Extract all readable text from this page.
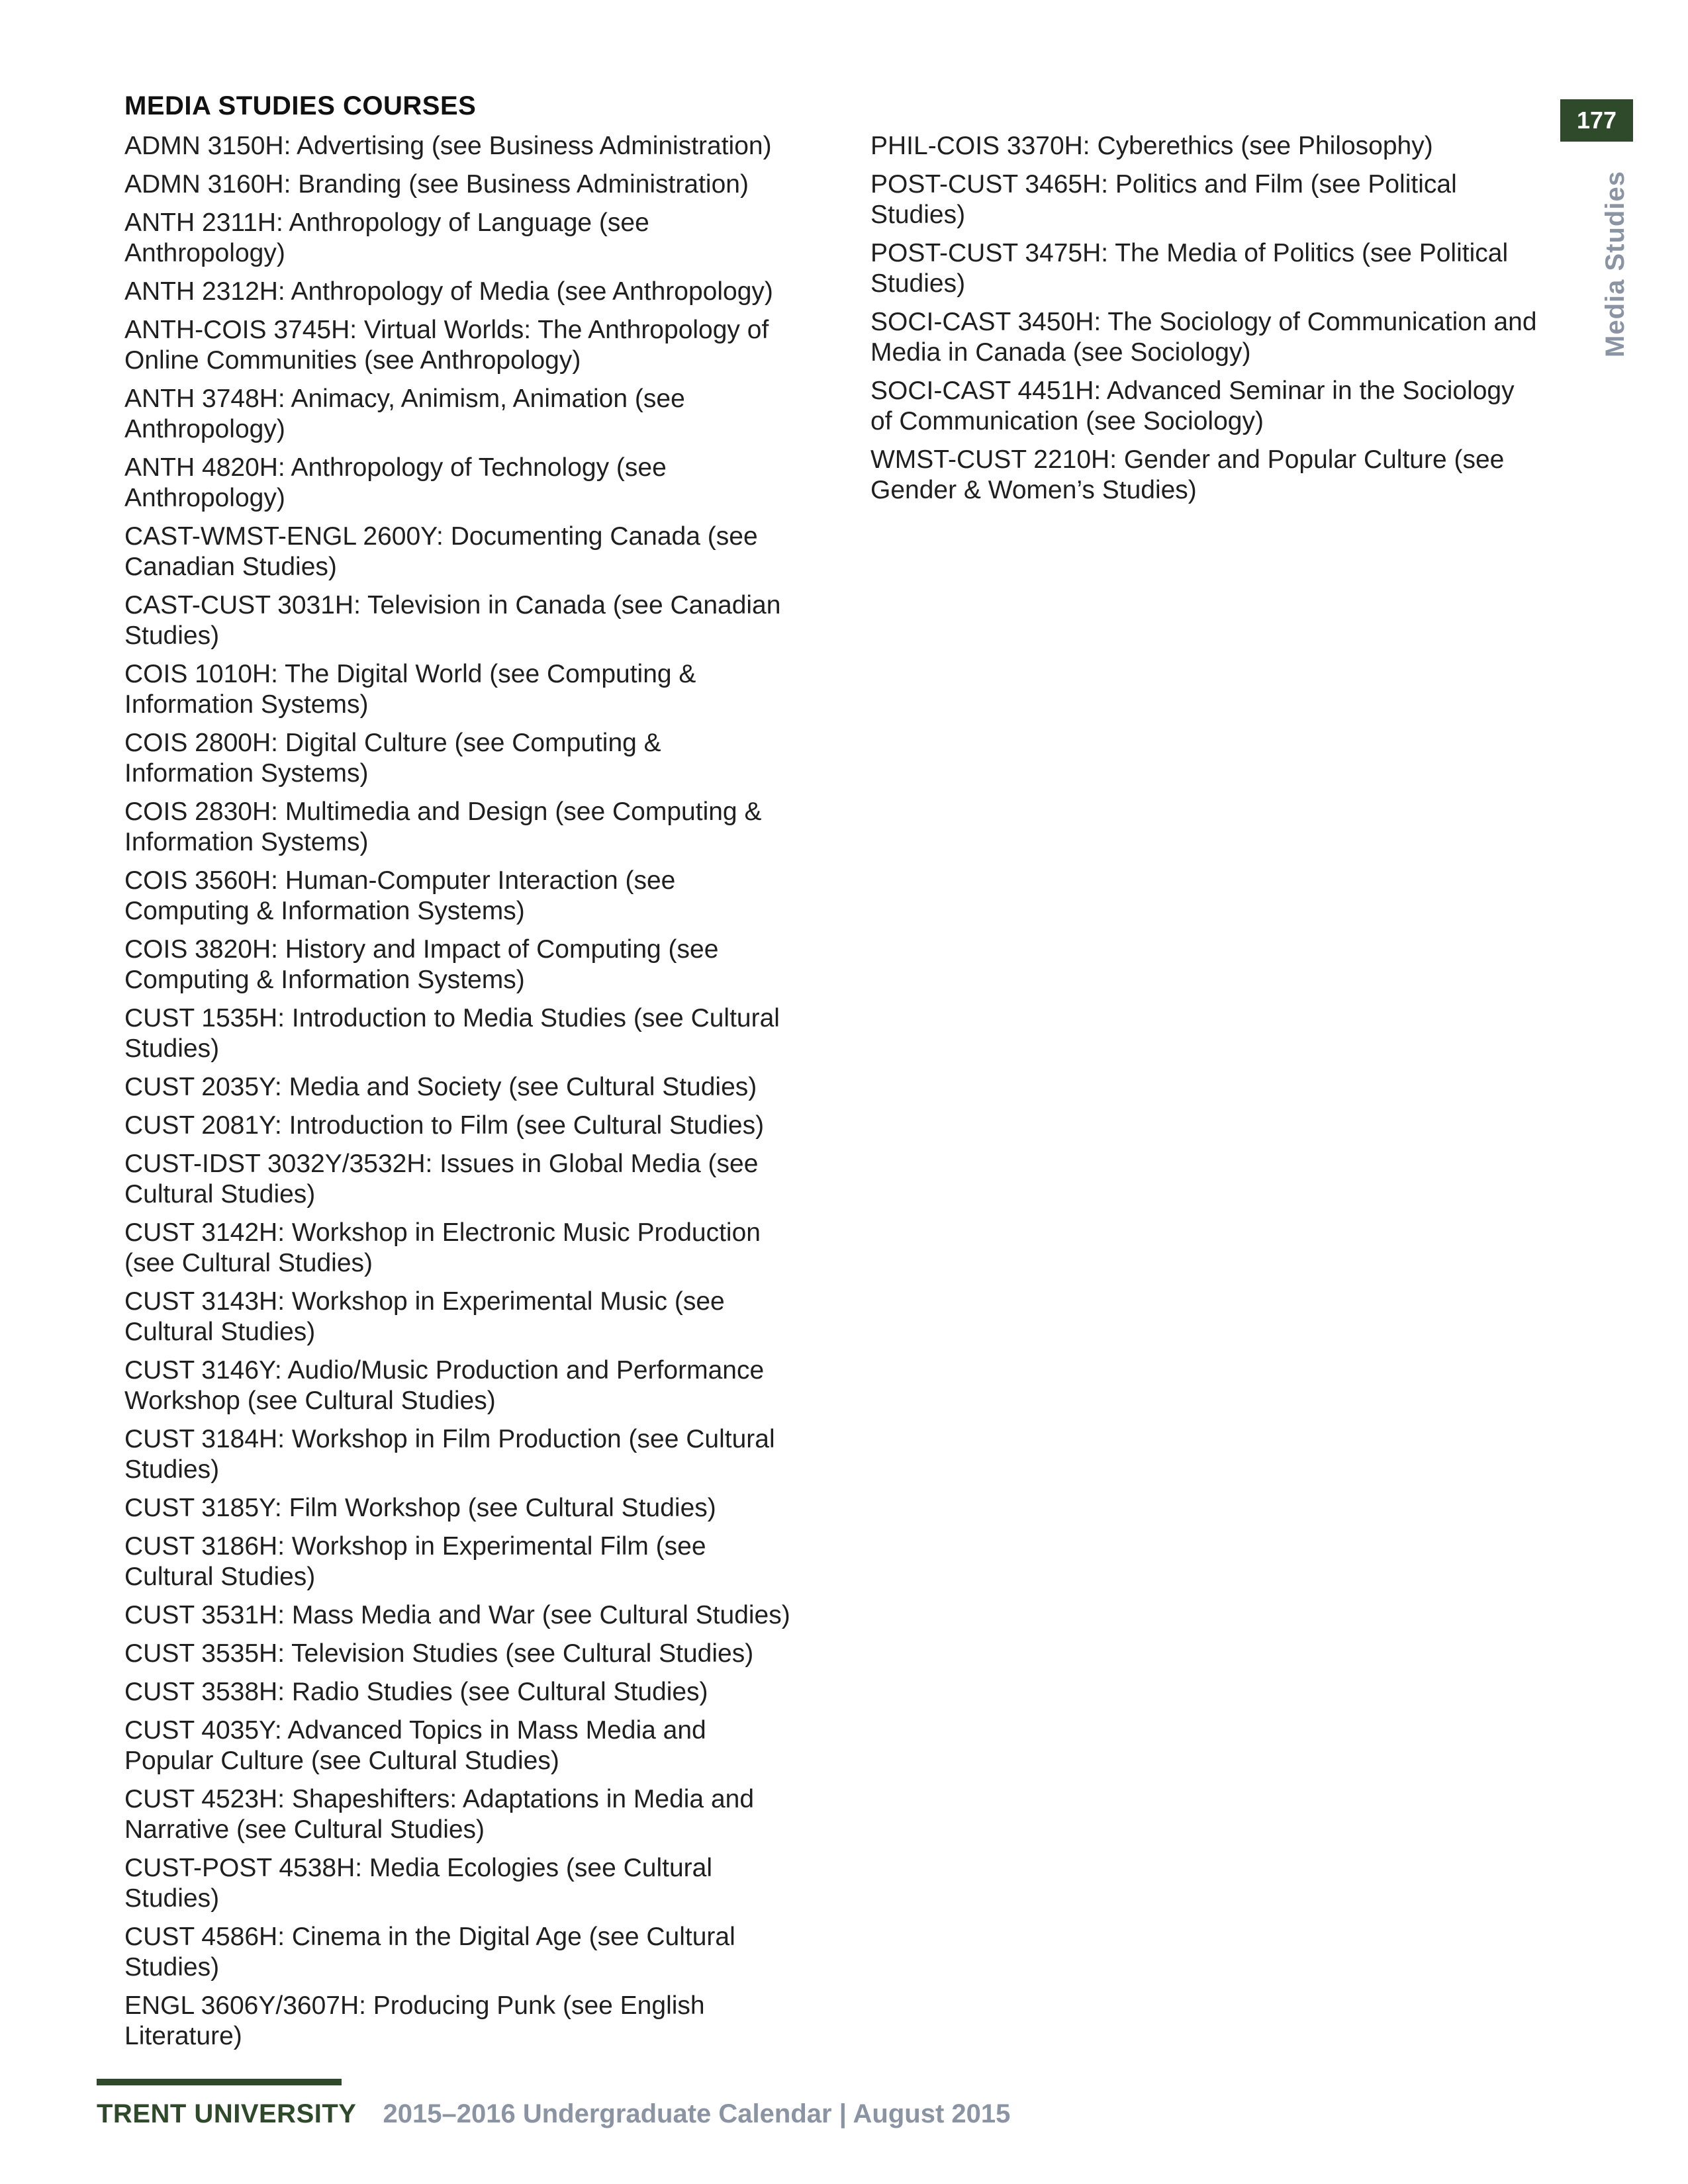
MEDIA STUDIES COURSES	177
Media Studies
ADMN 3150H: Advertising (see Business Administration)
ADMN 3160H: Branding (see Business Administration)
ANTH 2311H: Anthropology of Language (see
Anthropology)
ANTH 2312H: Anthropology of Media (see Anthropology)
ANTH-COIS 3745H: Virtual Worlds: The Anthropology of
Online Communities (see Anthropology)
ANTH 3748H: Animacy, Animism, Animation (see
Anthropology)
ANTH 4820H: Anthropology of Technology (see
Anthropology)
CAST-WMST-ENGL 2600Y: Documenting Canada (see
Canadian Studies)
CAST-CUST 3031H: Television in Canada (see Canadian
Studies)
COIS 1010H: The Digital World (see Computing &
Information Systems)
COIS 2800H: Digital Culture (see Computing &
Information Systems)
COIS 2830H: Multimedia and Design (see Computing &
Information Systems)
COIS 3560H: Human-Computer Interaction (see
Computing & Information Systems)
COIS 3820H: History and Impact of Computing (see
Computing & Information Systems)
CUST 1535H: Introduction to Media Studies (see Cultural
Studies)
CUST 2035Y: Media and Society (see Cultural Studies)
CUST 2081Y: Introduction to Film (see Cultural Studies)
CUST-IDST 3032Y/3532H: Issues in Global Media (see
Cultural Studies)
CUST 3142H: Workshop in Electronic Music Production
(see Cultural Studies)
CUST 3143H: Workshop in Experimental Music (see
Cultural Studies)
CUST 3146Y: Audio/Music Production and Performance
Workshop (see Cultural Studies)
CUST 3184H: Workshop in Film Production (see Cultural
Studies)
CUST 3185Y: Film Workshop (see Cultural Studies)
CUST 3186H: Workshop in Experimental Film (see
Cultural Studies)
CUST 3531H: Mass Media and War (see Cultural Studies)
CUST 3535H: Television Studies (see Cultural Studies)
CUST 3538H: Radio Studies (see Cultural Studies)
CUST 4035Y: Advanced Topics in Mass Media and
Popular Culture (see Cultural Studies)
CUST 4523H: Shapeshifters: Adaptations in Media and
Narrative (see Cultural Studies)
CUST-POST 4538H: Media Ecologies (see Cultural Studies)
CUST 4586H: Cinema in the Digital Age (see Cultural
Studies)
ENGL 3606Y/3607H: Producing Punk (see English
Literature)
PHIL-COIS 3370H: Cyberethics (see Philosophy)
POST-CUST 3465H: Politics and Film (see Political Studies)
POST-CUST 3475H: The Media of Politics (see Political
Studies)
SOCI-CAST 3450H: The Sociology of Communication and
Media in Canada (see Sociology)
SOCI-CAST 4451H: Advanced Seminar in the Sociology
of Communication (see Sociology)
WMST-CUST 2210H: Gender and Popular Culture (see
Gender & Women’s Studies)
TRENT UNIVERSITY 2015–2016 Undergraduate Calendar | August 2015
